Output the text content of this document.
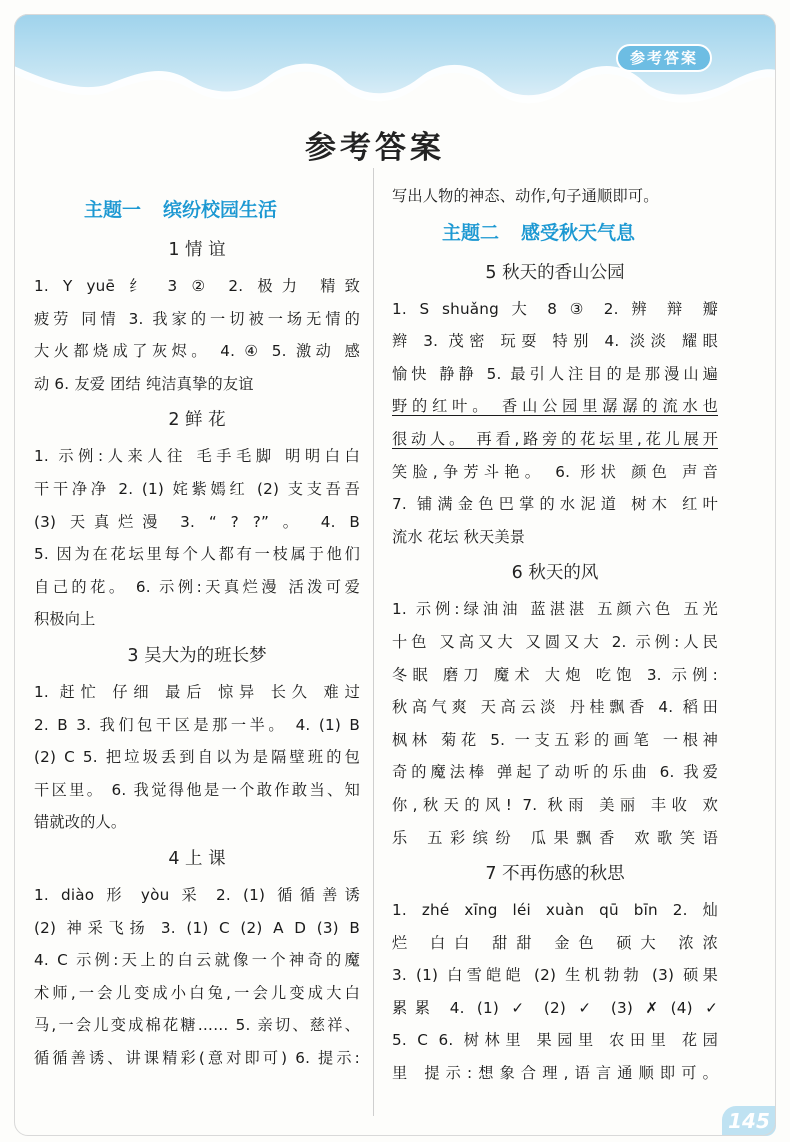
参考答案
参考答案
主题一 缤纷校园生活
1 情 谊
1. Y yuē 纟 3 ② 2. 极力 精致
疲劳 同情 3. 我家的一切被一场无情的
大火都烧成了灰烬。 4. ④ 5. 激动 感
动 6. 友爱 团结 纯洁真挚的友谊
2 鲜 花
1. 示例:人来人往 毛手毛脚 明明白白
干干净净 2. (1) 姹紫嫣红 (2) 支支吾吾
(3) 天真烂漫 3. “ ? ?” 。 4. B
5. 因为在花坛里每个人都有一枝属于他们
自己的花。 6. 示例:天真烂漫 活泼可爱
积极向上
3 吴大为的班长梦
1. 赶忙 仔细 最后 惊异 长久 难过
2. B 3. 我们包干区是那一半。 4. (1) B
(2) C 5. 把垃圾丢到自以为是隔壁班的包
干区里。 6. 我觉得他是一个敢作敢当、知
错就改的人。
4 上 课
1. diào 形 yòu 采 2. (1) 循循善诱
(2) 神采飞扬 3. (1) C (2) A D (3) B
4. C 示例:天上的白云就像一个神奇的魔
术师,一会儿变成小白兔,一会儿变成大白
马,一会儿变成棉花糖…… 5. 亲切、慈祥、
循循善诱、讲课精彩(意对即可) 6. 提示:
写出人物的神态、动作,句子通顺即可。
主题二 感受秋天气息
5 秋天的香山公园
1. S shuǎng 大 8 ③ 2. 辨 辩 瓣
辫 3. 茂密 玩耍 特别 4. 淡淡 耀眼
愉快 静静 5. 最引人注目的是那漫山遍
野的红叶。 香山公园里潺潺的流水也
很动人。 再看,路旁的花坛里,花儿展开
笑脸,争芳斗艳。 6. 形状 颜色 声音
7. 铺满金色巴掌的水泥道 树木 红叶
流水 花坛 秋天美景
6 秋天的风
1. 示例:绿油油 蓝湛湛 五颜六色 五光
十色 又高又大 又圆又大 2. 示例:人民
冬眠 磨刀 魔术 大炮 吃饱 3. 示例:
秋高气爽 天高云淡 丹桂飘香 4. 稻田
枫林 菊花 5. 一支五彩的画笔 一根神
奇的魔法棒 弹起了动听的乐曲 6. 我爱
你,秋天的风! 7. 秋雨 美丽 丰收 欢
乐 五彩缤纷 瓜果飘香 欢歌笑语
7 不再伤感的秋思
1. zhé xīng léi xuàn qū bīn 2. 灿
烂 白白 甜甜 金色 硕大 浓浓
3. (1) 白雪皑皑 (2) 生机勃勃 (3) 硕果
累累 4. (1) ✓ (2) ✓ (3) ✗ (4) ✓
5. C 6. 树林里 果园里 农田里 花园
里 提示:想象合理,语言通顺即可。
145
